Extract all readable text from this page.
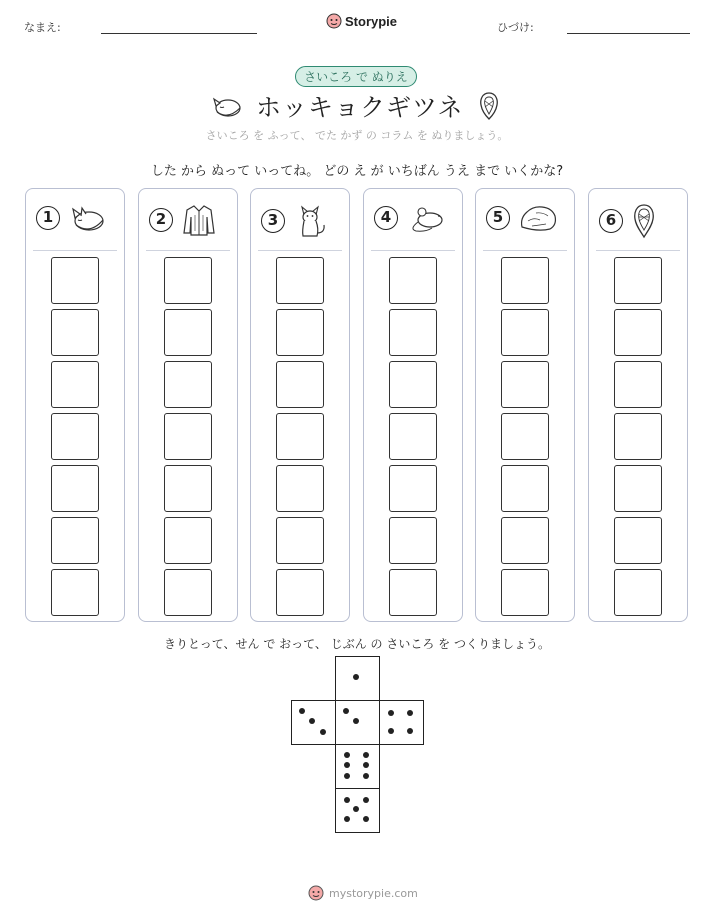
なまえ:	Storypie	ひづけ:
さいころ で ぬりえ
ホッキョクギツネ
さいころ を ふって、 でた かず の コラム を ぬりましょう。
した から ぬって いってね。 どの え が いちばん うえ まで いくかな?
1	2	3	4	5	6
きりとって、せん で おって、 じぶん の さいころ を つくりましょう。
mystorypie.com
